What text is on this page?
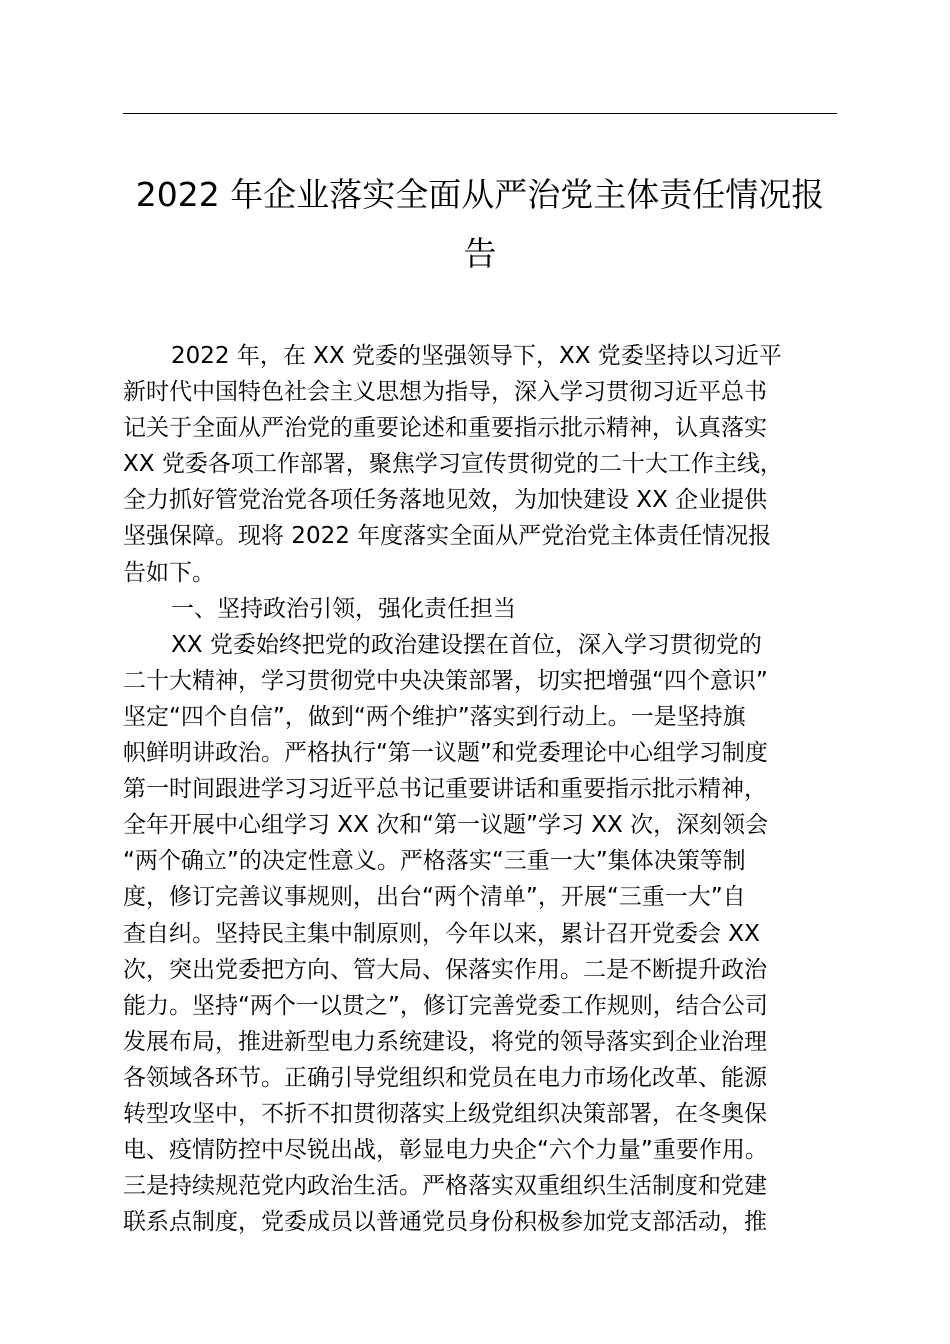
2022 年企业落实全面从严治党主体责任情况报
告
2022 年，在 XX 党委的坚强领导下，XX 党委坚持以习近平
新时代中国特色社会主义思想为指导，深入学习贯彻习近平总书
记关于全面从严治党的重要论述和重要指示批示精神，认真落实
XX 党委各项工作部署，聚焦学习宣传贯彻党的二十大工作主线，
全力抓好管党治党各项任务落地见效，为加快建设 XX 企业提供
坚强保障。现将 2022 年度落实全面从严党治党主体责任情况报
告如下。
一、坚持政治引领，强化责任担当
XX 党委始终把党的政治建设摆在首位，深入学习贯彻党的
二十大精神，学习贯彻党中央决策部署，切实把增强“四个意识”
坚定“四个自信”，做到“两个维护”落实到行动上。一是坚持旗
帜鲜明讲政治。严格执行“第一议题”和党委理论中心组学习制度
第一时间跟进学习习近平总书记重要讲话和重要指示批示精神，
全年开展中心组学习 XX 次和“第一议题”学习 XX 次，深刻领会
“两个确立”的决定性意义。严格落实“三重一大”集体决策等制
度，修订完善议事规则，出台“两个清单”，开展“三重一大”自
查自纠。坚持民主集中制原则，今年以来，累计召开党委会 XX
次，突出党委把方向、管大局、保落实作用。二是不断提升政治
能力。坚持“两个一以贯之”，修订完善党委工作规则，结合公司
发展布局，推进新型电力系统建设，将党的领导落实到企业治理
各领域各环节。正确引导党组织和党员在电力市场化改革、能源
转型攻坚中，不折不扣贯彻落实上级党组织决策部署，在冬奥保
电、疫情防控中尽锐出战，彰显电力央企“六个力量”重要作用。
三是持续规范党内政治生活。严格落实双重组织生活制度和党建
联系点制度，党委成员以普通党员身份积极参加党支部活动，推
